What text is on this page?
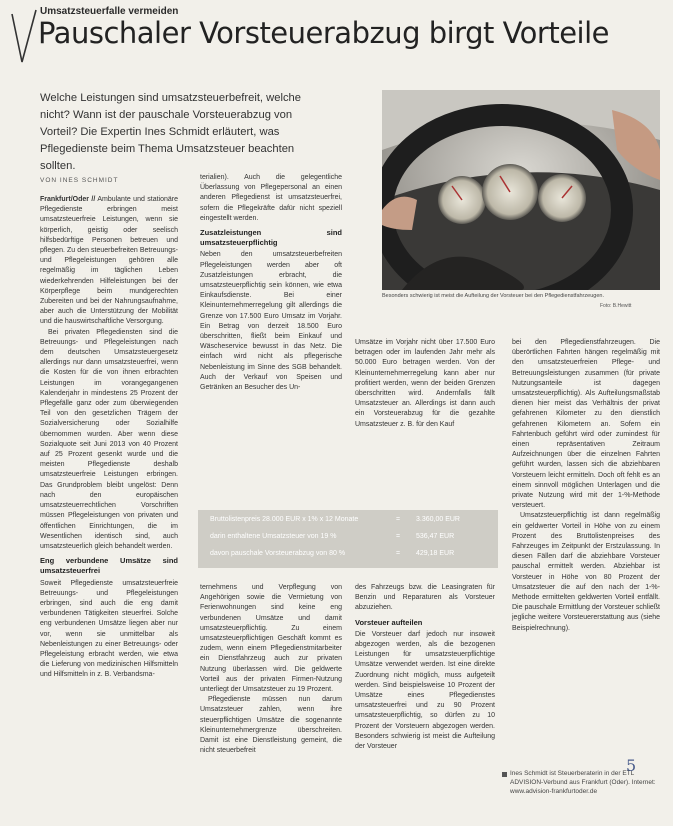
Umsatzsteuerfalle vermeiden
Pauschaler Vorsteuerabzug birgt Vorteile
Welche Leistungen sind umsatzsteuerbefreit, welche nicht? Wann ist der pauschale Vorsteuerabzug von Vorteil? Die Expertin Ines Schmidt erläutert, was Pflegedienste beim Thema Umsatzsteuer beachten sollten.
Besonders schwierig ist meist die Aufteilung der Vorsteuer bei den Pflegedienstfahrzeugen.
Foto: B.Hewitt
VON INES SCHMIDT

Frankfurt/Oder // Ambulante und stationäre Pflegedienste erbringen meist umsatzsteuerfreie Leistungen, wenn sie körperlich, geistig oder seelisch hilfsbedürftige Personen betreuen und pflegen. Zu den steuerbefreiten Betreuungs- und Pflegeleistungen gehören alle regelmäßig im täglichen Leben wiederkehrenden Hilfeleistungen bei der Körperpflege beim mundgerechten Zubereiten und bei der Nahrungsaufnahme, aber auch die Unterstützung der Mobilität und die hauswirtschaftliche Versorgung.

Bei privaten Pflegediensten sind die Betreuungs- und Pflegeleistungen nach dem deutschen Umsatzsteuergesetz allerdings nur dann umsatzsteuerfrei, wenn die Kosten für die von ihnen erbrachten Leistungen im vorangegangenen Kalenderjahr in mindestens 25 Prozent der Pflegefälle ganz oder zum überwiegenden Teil von den gesetzlichen Trägern der Sozialversicherung oder Sozialhilfe übernommen wurden. Aber wenn diese Sozialquote seit Juni 2013 von 40 Prozent auf 25 Prozent gesenkt wurde und die meisten Pflegedienste deshalb umsatzsteuerfreie Leistungen erbringen. Das Grundproblem bleibt ungelöst: Denn nach den europäischen umsatzsteuerrechtlichen Vorschriften müssen Pflegeleistungen von privaten und öffentlichen Einrichtungen, die im Wesentlichen identisch sind, auch umsatzsteuerlich gleich behandelt werden.

Eng verbundene Umsätze sind umsatzsteuerfrei

Soweit Pflegedienste umsatzsteuerfreie Betreuungs- und Pflegeleistungen erbringen, sind auch die eng damit verbundenen Tätigkeiten steuerfrei. Solche eng verbundenen Umsätze liegen aber nur vor, wenn sie unmittelbar als Nebenleistungen zu einer Betreuungs- oder Pflegeleistung erbracht werden, wie etwa die Lieferung von medizinischen Hilfsmitteln und Hilfsmitteln in z. B. Verbandsma-

terialien). Auch die gelegentliche Überlassung von Pflegepersonal an einen anderen Pflegedienst ist umsatzsteuerfrei, sofern die Pflegekräfte dafür nicht speziell eingestellt werden.

Zusatzleistungen sind umsatzsteuerpflichtig

Neben den umsatzsteuerbefreiten Pflegeleistungen werden aber oft Zusatzleistungen erbracht, die umsatzsteuerpflichtig sein können, wie etwa Einkaufsdienste. Bei einer Kleinunternehmerregelung gilt allerdings die Grenze von 17.500 Euro Umsatz im Vorjahr. Ein Betrag von derzeit 18.500 Euro überschritten, fließt beim Einkauf und Wäscheservice bewusst in das Netz. Die einfach wird nicht als pflegerische Nebenleistung im Sinne des SGB behandelt. Auch der Verkauf von Speisen und Getränken an Besucher des Un-

Umsätze im Vorjahr nicht über 17.500 Euro betragen oder im laufenden Jahr mehr als 50.000 Euro betragen werden. Von der Kleinunternehmerregelung kann aber nur profitiert werden, wenn der beiden Grenzen überschritten wird. Andernfalls fällt Umsatzsteuer an. Allerdings ist dann auch ein Vorsteuerabzug für die gezahlte Umsatzsteuer z. B. für den Kauf

Bruttolistenpreis 28.000 EUR x 1% x 12 Monate	= 3.360,00 EUR
darin enthaltene Umsatzsteuer von 19 %	= 536,47 EUR
davon pauschale Vorsteuerabzug von 80 %	= 429,18 EUR

ternehmens und Verpflegung von Angehörigen sowie die Vermietung von Ferienwohnungen sind keine eng verbundenen Umsätze und damit umsatzsteuerpflichtig. Zu einem umsatzsteuerpflichtigen Geschäft kommt es zudem, wenn einem Pflegedienstmitarbeiter ein Dienstfahrzeug auch zur privaten Nutzung überlassen wird. Die geldwerte Vorteil aus der privaten Firmen-Nutzung unterliegt der Umsatzsteuer zu 19 Prozent.

Pflegedienste müssen nun darum Umsatzsteuer zahlen, wenn ihre steuerpflichtigen Umsätze die sogenannte Kleinunternehmergrenze überschreiten. Damit ist eine Dienstleistung gemeint, die nicht steuerbefreit

des Fahrzeugs bzw. die Leasingraten für Benzin und Reparaturen als Vorsteuer abzuziehen.

Vorsteuer aufteilen

Die Vorsteuer darf jedoch nur insoweit abgezogen werden, als die bezogenen Leistungen für umsatzsteuerpflichtige Umsätze verwendet werden. Ist eine direkte Zuordnung nicht möglich, muss aufgeteilt werden. Sind beispielsweise 10 Prozent der Umsätze eines Pflegedienstes umsatzsteuerfrei und zu 90 Prozent umsatzsteuerpflichtig, so dürfen zu 10 Prozent der Vorsteuern abgezogen werden. Besonders schwierig ist meist die Aufteilung der Vorsteuer

bei den Pflegedienstfahrzeugen. Die überörtlichen Fahrten hängen regelmäßig mit den umsatzsteuerfreien Pflege- und Betreuungsleistungen zusammen (für private Nutzungsanteile ist dagegen umsatzsteuerpflichtig). Als Aufteilungsmaßstab dienen hier meist das Verhältnis der privat gefahrenen Kilometer zu den dienstlich gefahrenen Kilometern an. Sofern ein Fahrtenbuch geführt wird oder zumindest für einen repräsentativen Zeitraum Aufzeichnungen über die einzelnen Fahrten geführt wurden, lassen sich die abziehbaren Vorsteuern leicht ermitteln. Doch oft fehlt es an einem sinnvoll möglichen Unterlagen und die private Nutzung wird mit der 1-%-Methode versteuert.

Umsatzsteuerpflichtig ist dann regelmäßig ein geldwerter Vorteil in Höhe von zu einem Prozent des Bruttolistenpreises des Fahrzeuges im Zeitpunkt der Erstzulassung. In diesen Fällen darf die abziehbare Vorsteuer pauschal ermittelt werden. Abziehbar ist Vorsteuer in Höhe von 80 Prozent der Umsatzsteuer die auf den nach der 1-%-Methode ermittelten geldwerten Vorteil entfällt. Die pauschale Ermittlung der Vorsteuer schließt jegliche weitere Vorsteuererstattung aus (siehe Beispielrechnung).

Ines Schmidt ist Steuerberaterin in der ETL ADVISION-Verbund aus Frankfurt (Oder). Internet: www.advision-frankfurtoder.de
5
